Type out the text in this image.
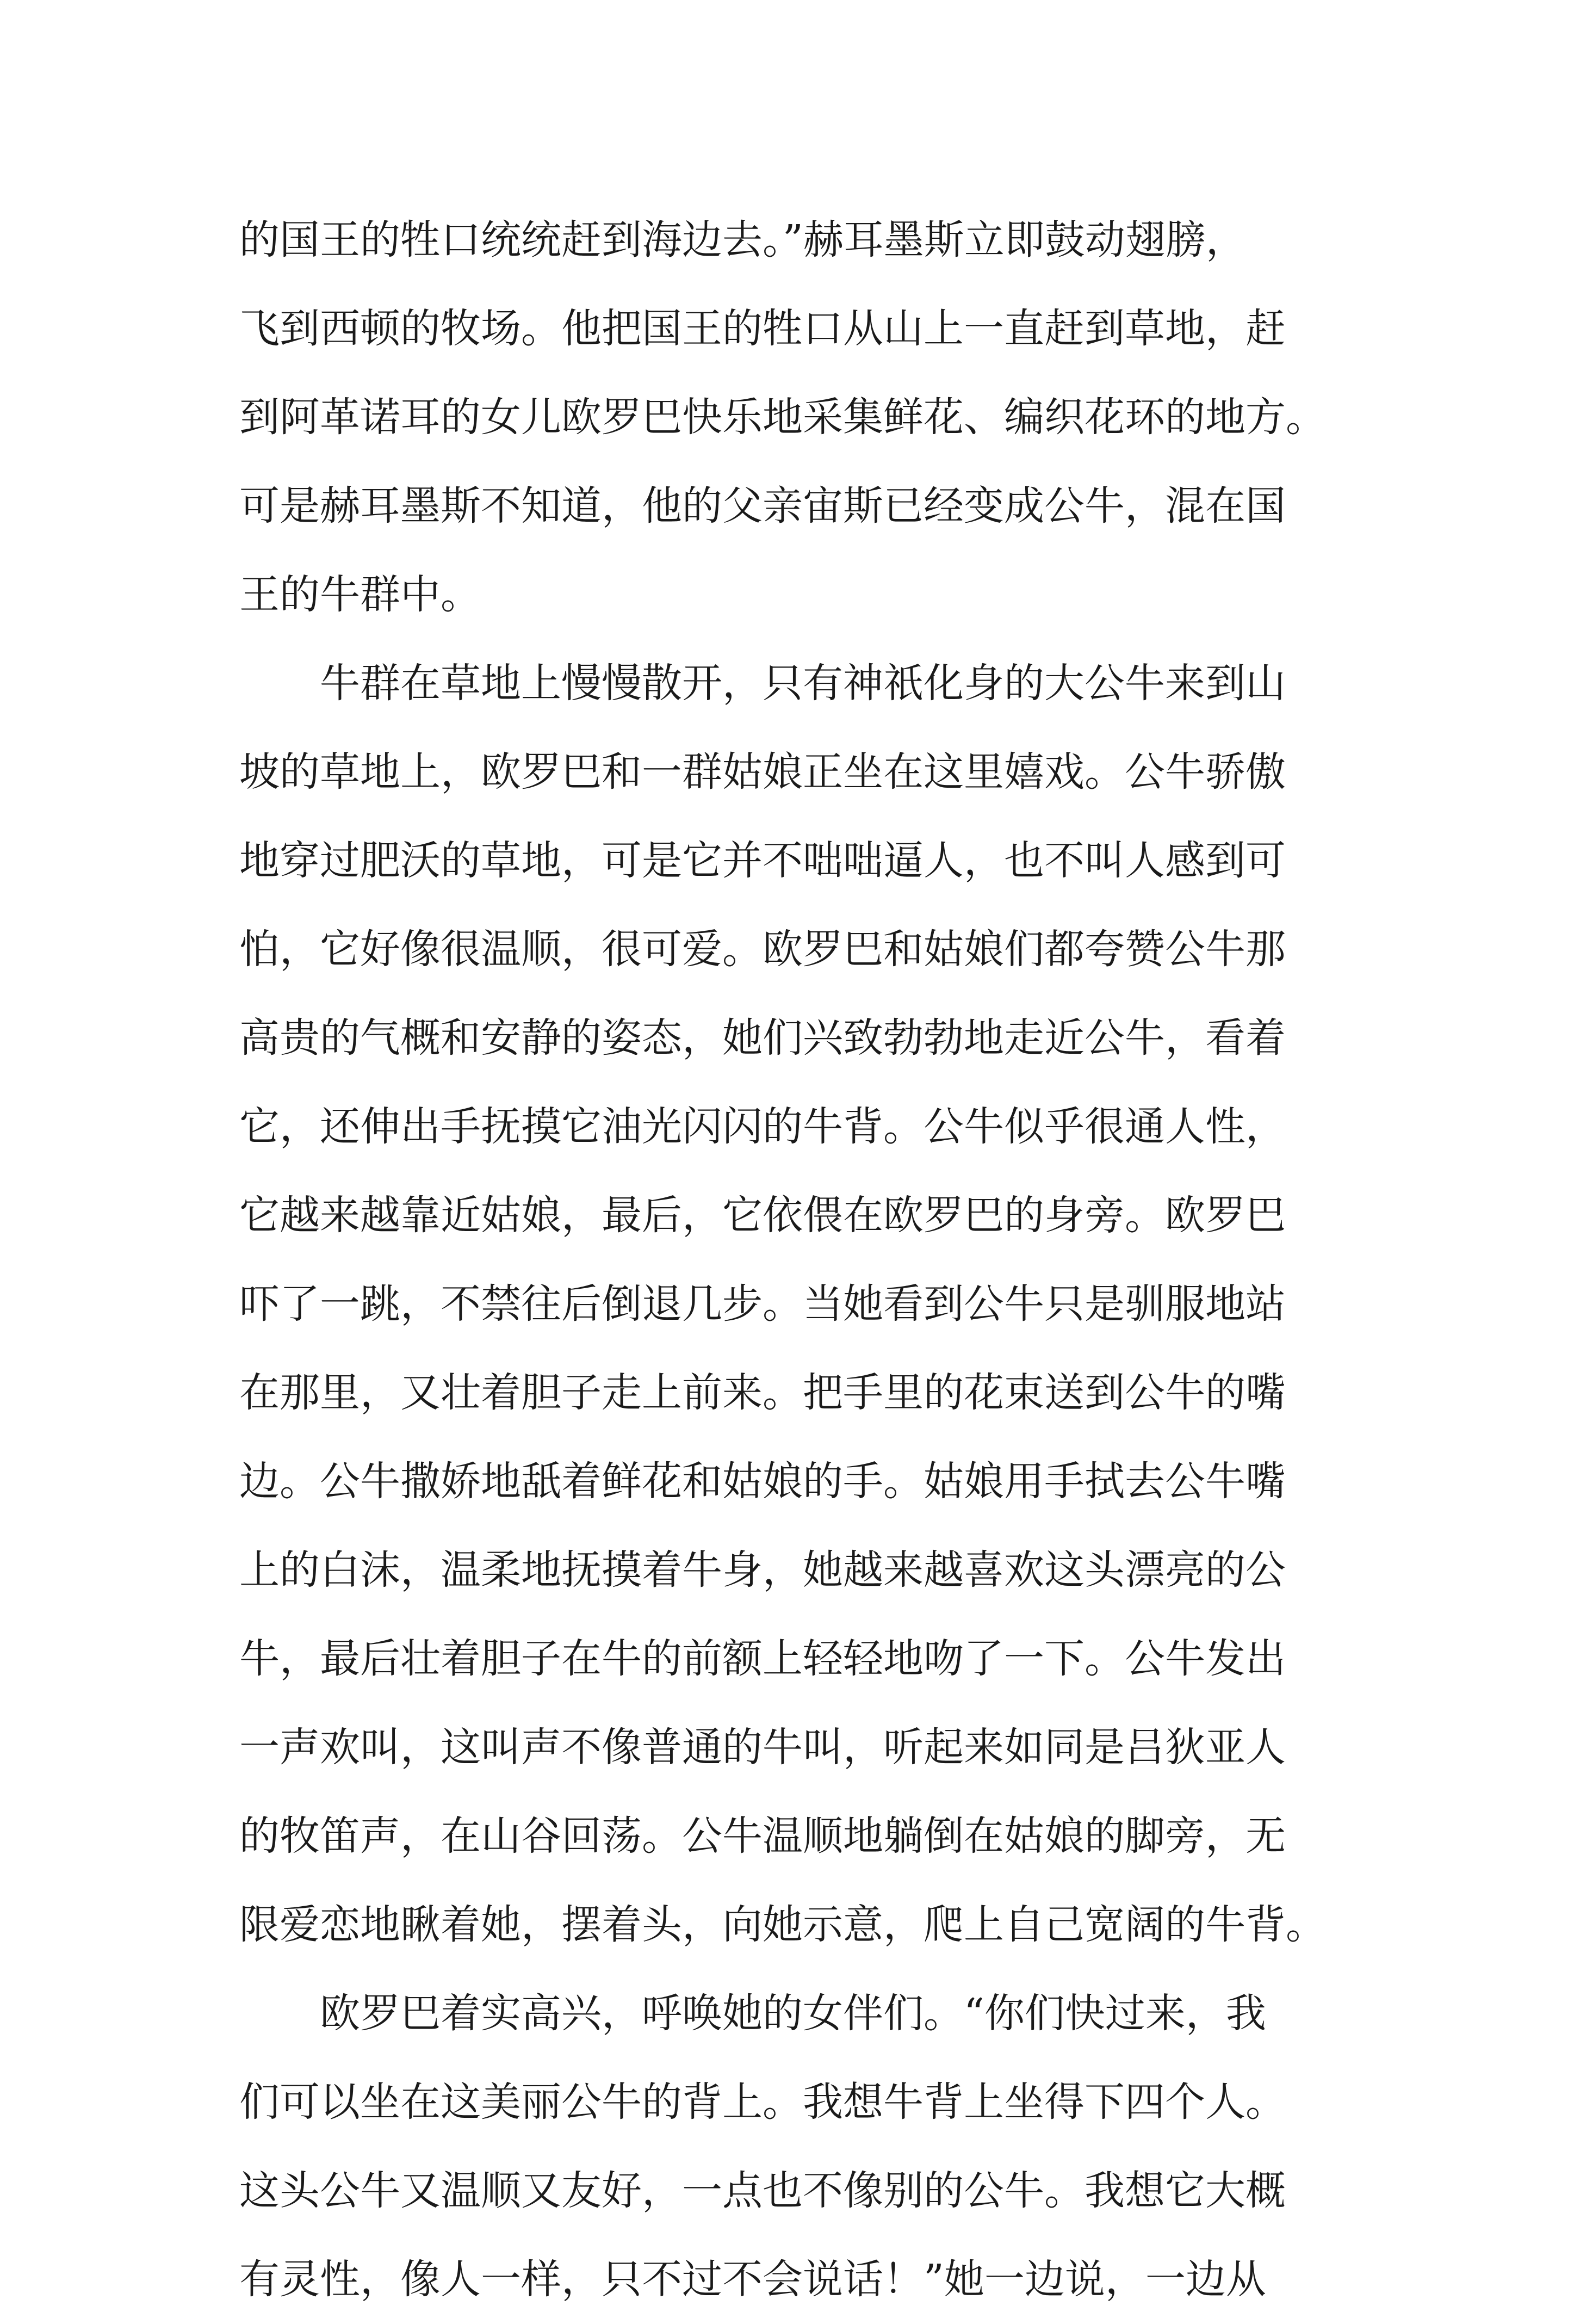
的国王的牲口统统赶到海边去。”赫耳墨斯立即鼓动翅膀，
飞到西顿的牧场。他把国王的牲口从山上一直赶到草地，赶
到阿革诺耳的女儿欧罗巴快乐地采集鲜花、编织花环的地方。
可是赫耳墨斯不知道，他的父亲宙斯已经变成公牛，混在国
王的牛群中。
牛群在草地上慢慢散开，只有神祇化身的大公牛来到山
坡的草地上，欧罗巴和一群姑娘正坐在这里嬉戏。公牛骄傲
地穿过肥沃的草地，可是它并不咄咄逼人，也不叫人感到可
怕，它好像很温顺，很可爱。欧罗巴和姑娘们都夸赞公牛那
高贵的气概和安静的姿态，她们兴致勃勃地走近公牛，看着
它，还伸出手抚摸它油光闪闪的牛背。公牛似乎很通人性，
它越来越靠近姑娘，最后，它依偎在欧罗巴的身旁。欧罗巴
吓了一跳，不禁往后倒退几步。当她看到公牛只是驯服地站
在那里，又壮着胆子走上前来。把手里的花束送到公牛的嘴
边。公牛撒娇地舐着鲜花和姑娘的手。姑娘用手拭去公牛嘴
上的白沫，温柔地抚摸着牛身，她越来越喜欢这头漂亮的公
牛，最后壮着胆子在牛的前额上轻轻地吻了一下。公牛发出
一声欢叫，这叫声不像普通的牛叫，听起来如同是吕狄亚人
的牧笛声，在山谷回荡。公牛温顺地躺倒在姑娘的脚旁，无
限爱恋地瞅着她，摆着头，向她示意，爬上自己宽阔的牛背。
欧罗巴着实高兴，呼唤她的女伴们。“你们快过来，我
们可以坐在这美丽公牛的背上。我想牛背上坐得下四个人。
这头公牛又温顺又友好，一点也不像别的公牛。我想它大概
有灵性，像人一样，只不过不会说话！”她一边说，一边从
